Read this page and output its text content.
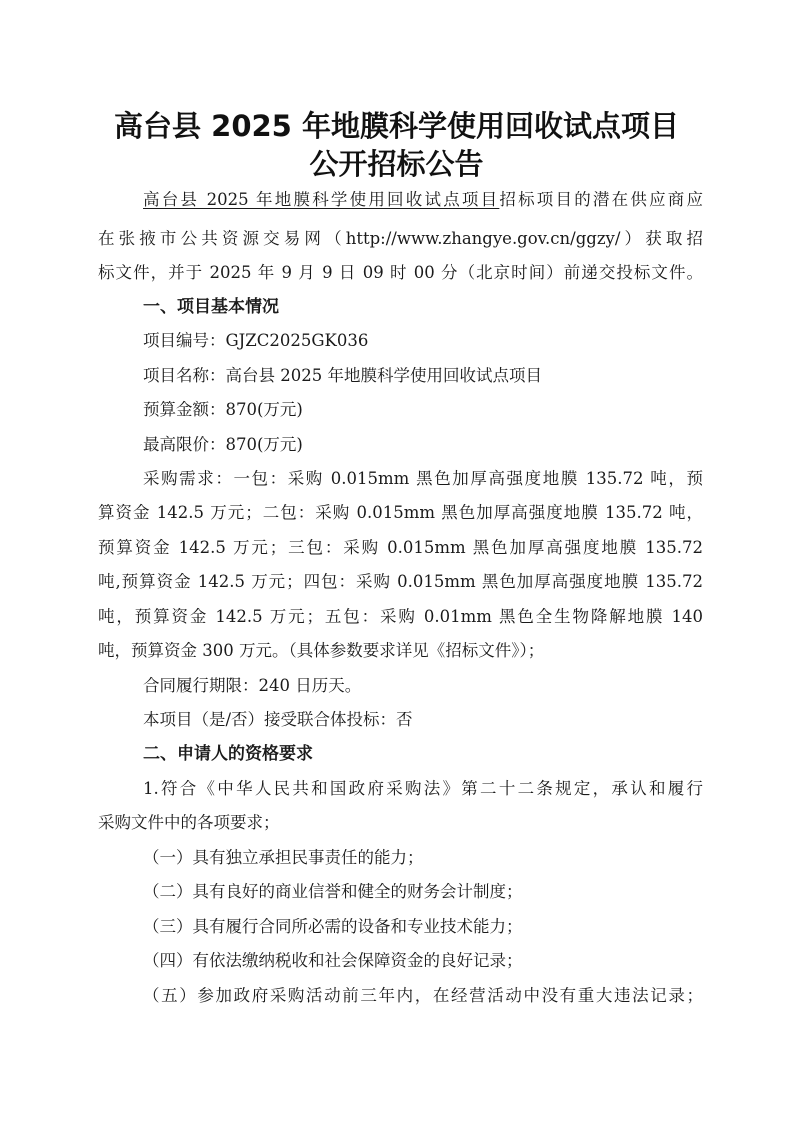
高台县 2025 年地膜科学使用回收试点项目
公开招标公告
高台县 2025 年地膜科学使用回收试点项目招标项目的潜在供应商应
在张掖市公共资源交易网（http://www.zhangye.gov.cn/ggzy/）获取招
标文件，并于 2025 年 9 月 9 日 09 时 00 分（北京时间）前递交投标文件。
一、项目基本情况
项目编号：GJZC2025GK036
项目名称：高台县 2025 年地膜科学使用回收试点项目
预算金额：870(万元)
最高限价：870(万元)
采购需求：一包：采购 0.015mm 黑色加厚高强度地膜 135.72 吨，预
算资金 142.5 万元；二包：采购 0.015mm 黑色加厚高强度地膜 135.72 吨，
预算资金 142.5 万元；三包：采购 0.015mm 黑色加厚高强度地膜 135.72
吨,预算资金 142.5 万元；四包：采购 0.015mm 黑色加厚高强度地膜 135.72
吨，预算资金 142.5 万元；五包：采购 0.01mm 黑色全生物降解地膜 140
吨，预算资金 300 万元。（具体参数要求详见《招标文件》）；
合同履行期限：240 日历天。
本项目（是/否）接受联合体投标：否
二、申请人的资格要求
1.符合《中华人民共和国政府采购法》第二十二条规定，承认和履行
采购文件中的各项要求；
（一）具有独立承担民事责任的能力；
（二）具有良好的商业信誉和健全的财务会计制度；
（三）具有履行合同所必需的设备和专业技术能力；
（四）有依法缴纳税收和社会保障资金的良好记录；
（五）参加政府采购活动前三年内，在经营活动中没有重大违法记录；
